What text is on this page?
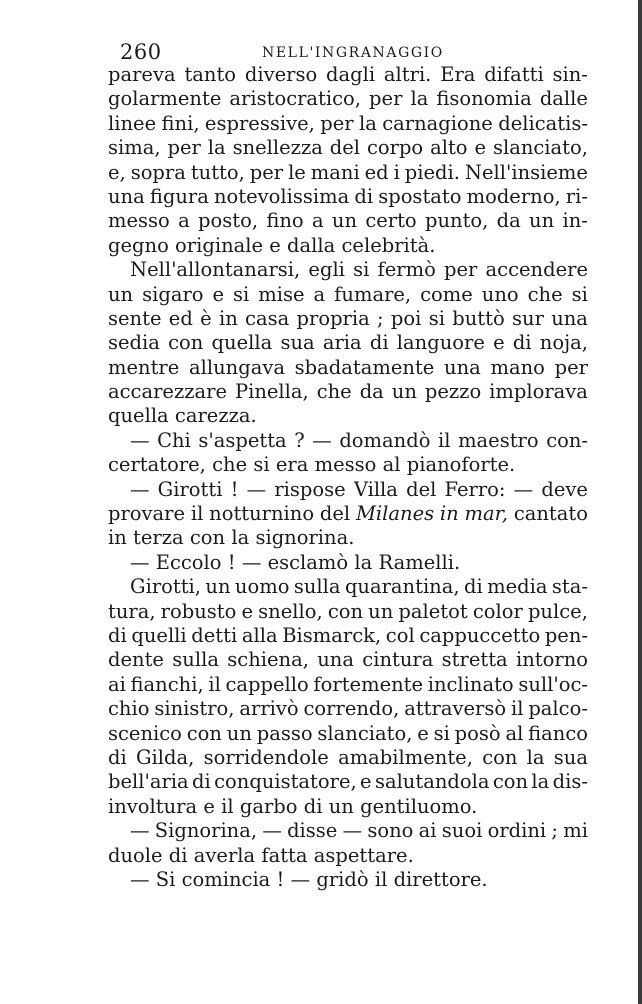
260	NELL'INGRANAGGIO
pareva tanto diverso dagli altri. Era difatti sin-
golarmente aristocratico, per la fisonomia dalle
linee fini, espressive, per la carnagione delicatis-
sima, per la snellezza del corpo alto e slanciato,
e, sopra tutto, per le mani ed i piedi. Nell'insieme
una figura notevolissima di spostato moderno, ri-
messo a posto, fino a un certo punto, da un in-
gegno originale e dalla celebrità.
Nell'allontanarsi, egli si fermò per accendere
un sigaro e si mise a fumare, come uno che si
sente ed è in casa propria ; poi si buttò sur una
sedia con quella sua aria di languore e di noja,
mentre allungava sbadatamente una mano per
accarezzare Pinella, che da un pezzo implorava
quella carezza.
— Chi s'aspetta ? — domandò il maestro con-
certatore, che si era messo al pianoforte.
— Girotti ! — rispose Villa del Ferro: — deve
provare il notturnino del Milanes in mar, cantato
in terza con la signorina.
— Eccolo ! — esclamò la Ramelli.
Girotti, un uomo sulla quarantina, di media sta-
tura, robusto e snello, con un paletot color pulce,
di quelli detti alla Bismarck, col cappuccetto pen-
dente sulla schiena, una cintura stretta intorno
ai fianchi, il cappello fortemente inclinato sull'oc-
chio sinistro, arrivò correndo, attraversò il palco-
scenico con un passo slanciato, e si posò al fianco
di Gilda, sorridendole amabilmente, con la sua
bell'aria di conquistatore, e salutandola con la dis-
involtura e il garbo di un gentiluomo.
— Signorina, — disse — sono ai suoi ordini ; mi
duole di averla fatta aspettare.
— Si comincia ! — gridò il direttore.
